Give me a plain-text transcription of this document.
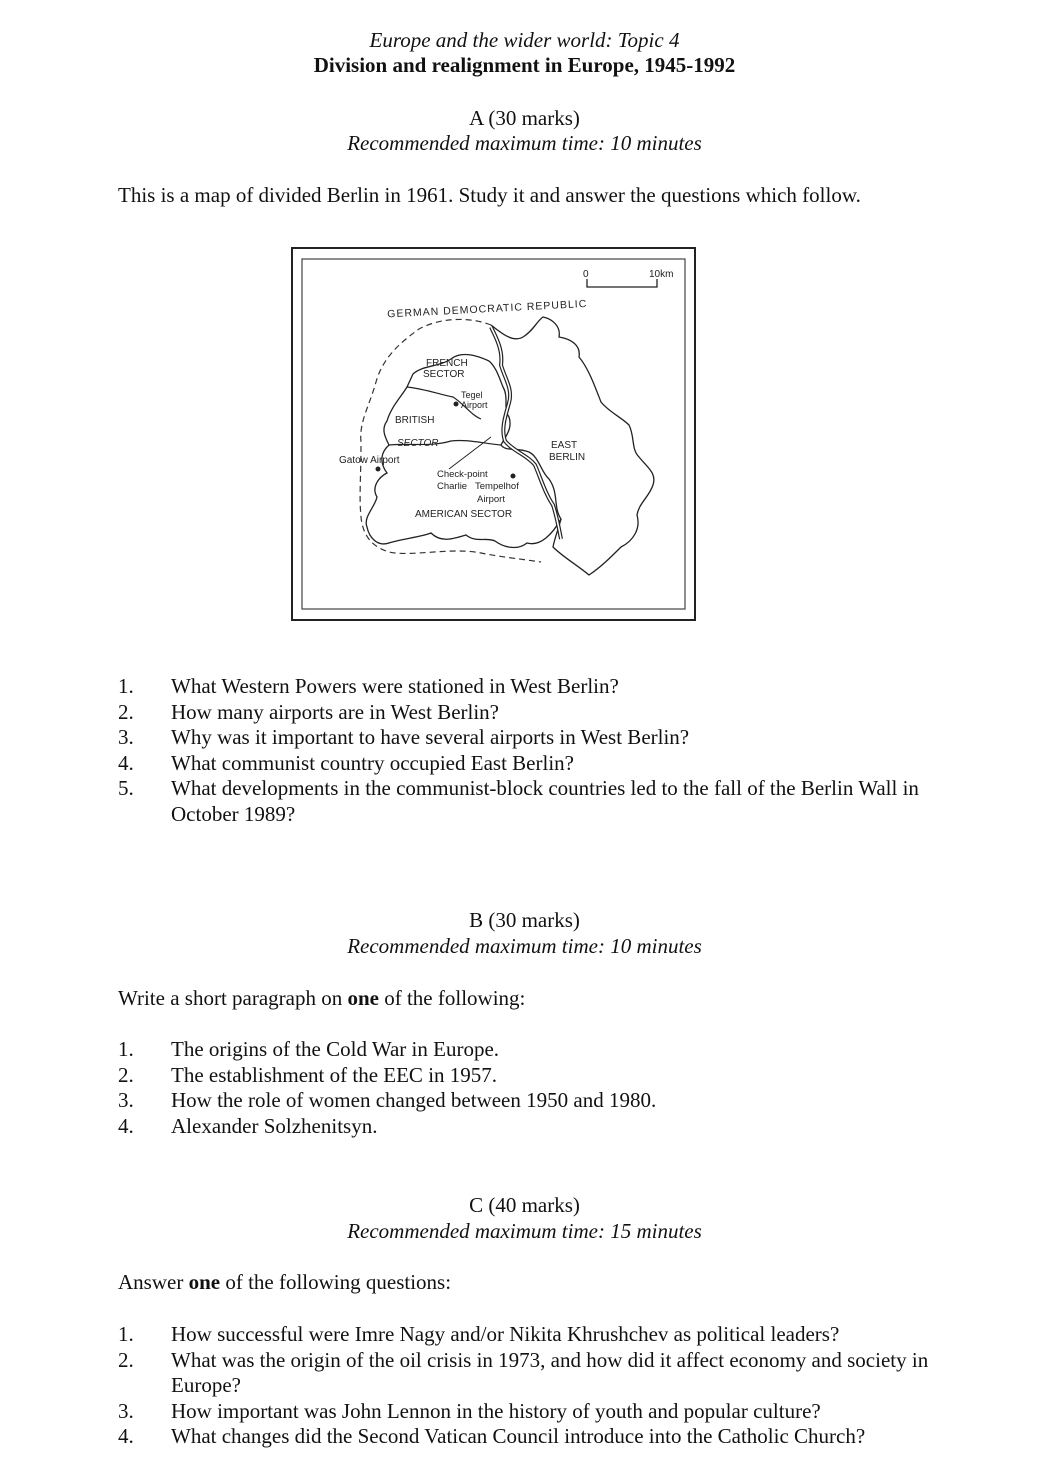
Europe and the wider world: Topic 4
Division and realignment in Europe, 1945-1992
A (30 marks)
Recommended maximum time: 10 minutes
This is a map of divided Berlin in 1961. Study it and answer the questions which follow.
0	10km
GERMAN DEMOCRATIC REPUBLIC
FRENCH
SECTOR
Tegel
Airport
BRITISH
SECTOR
Gatow Airport
EAST
BERLIN
Check-point
Charlie Tempelhof
Airport
AMERICAN SECTOR
1. What Western Powers were stationed in West Berlin?
2. How many airports are in West Berlin?
3. Why was it important to have several airports in West Berlin?
4. What communist country occupied East Berlin?
5. What developments in the communist-block countries led to the fall of the Berlin Wall in October 1989?
B (30 marks)
Recommended maximum time: 10 minutes
Write a short paragraph on one of the following:
1. The origins of the Cold War in Europe.
2. The establishment of the EEC in 1957.
3. How the role of women changed between 1950 and 1980.
4. Alexander Solzhenitsyn.
C (40 marks)
Recommended maximum time: 15 minutes
Answer one of the following questions:
1. How successful were Imre Nagy and/or Nikita Khrushchev as political leaders?
2. What was the origin of the oil crisis in 1973, and how did it affect economy and society in Europe?
3. How important was John Lennon in the history of youth and popular culture?
4. What changes did the Second Vatican Council introduce into the Catholic Church?
